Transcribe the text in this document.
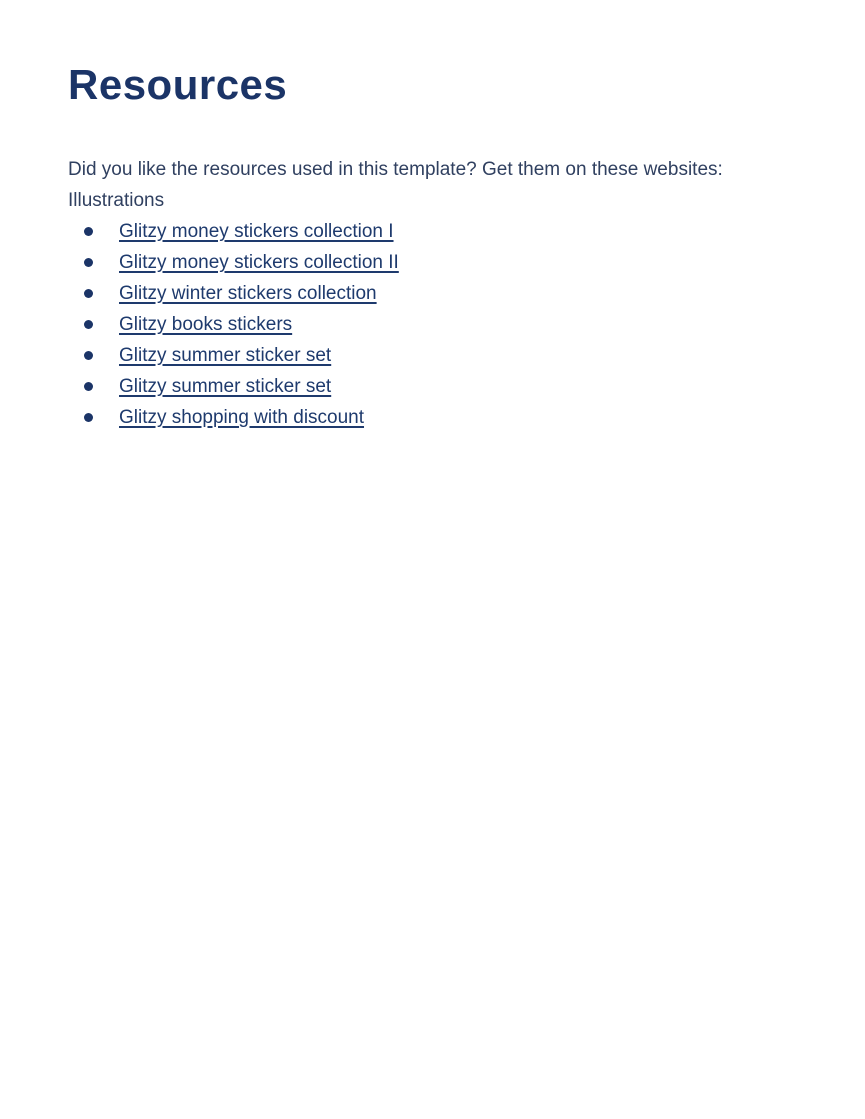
Resources

Did you like the resources used in this template? Get them on these websites:

Illustrations

Glitzy money stickers collection I
Glitzy money stickers collection II
Glitzy winter stickers collection
Glitzy books stickers
Glitzy summer sticker set
Glitzy summer sticker set
Glitzy shopping with discount
